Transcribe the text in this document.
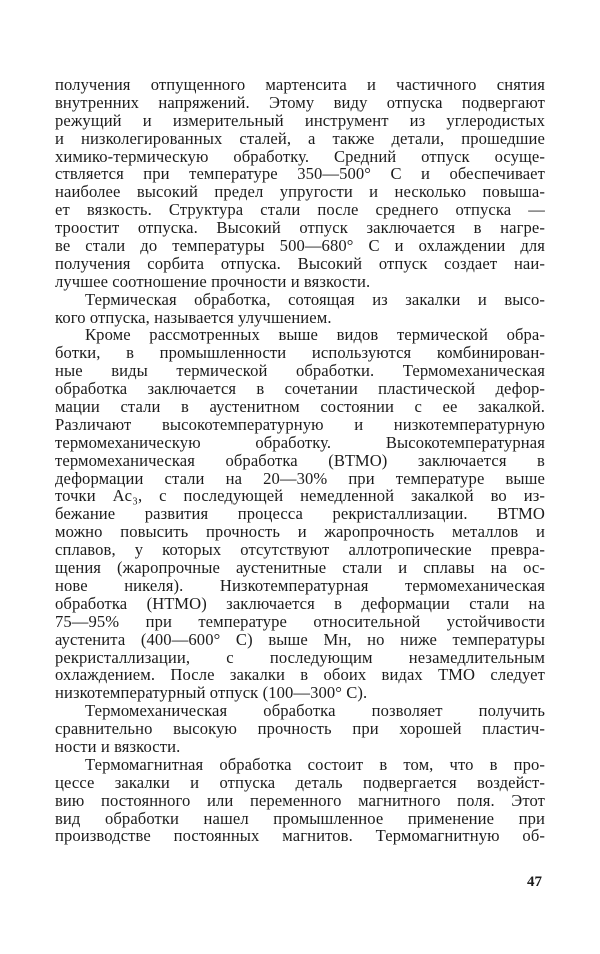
получения отпущенного мартенсита и частичного снятия
внутренних напряжений. Этому виду отпуска подвергают
режущий и измерительный инструмент из углеродистых
и низколегированных сталей, а также детали, прошедшие
химико-термическую обработку. Средний отпуск осуще-
ствляется при температуре 350—500° С и обеспечивает
наиболее высокий предел упругости и несколько повыша-
ет вязкость. Структура стали после среднего отпуска —
троостит отпуска. Высокий отпуск заключается в нагре-
ве стали до температуры 500—680° С и охлаждении для
получения сорбита отпуска. Высокий отпуск создает наи-
лучшее соотношение прочности и вязкости.
Термическая обработка, сотоящая из закалки и высо-
кого отпуска, называется улучшением.
Кроме рассмотренных выше видов термической обра-
ботки, в промышленности используются комбинирован-
ные виды термической обработки. Термомеханическая
обработка заключается в сочетании пластической дефор-
мации стали в аустенитном состоянии с ее закалкой.
Различают высокотемпературную и низкотемпературную
термомеханическую обработку. Высокотемпературная
термомеханическая обработка (ВТМО) заключается в
деформации стали на 20—30% при температуре выше
точки Ac₃, с последующей немедленной закалкой во из-
бежание развития процесса рекристаллизации. ВТМО
можно повысить прочность и жаропрочность металлов и
сплавов, у которых отсутствуют аллотропические превра-
щения (жаропрочные аустенитные стали и сплавы на ос-
нове никеля). Низкотемпературная термомеханическая
обработка (НТМО) заключается в деформации стали на
75—95% при температуре относительной устойчивости
аустенита (400—600° С) выше Mн, но ниже температуры
рекристаллизации, с последующим незамедлительным
охлаждением. После закалки в обоих видах ТМО следует
низкотемпературный отпуск (100—300° С).
Термомеханическая обработка позволяет получить
сравнительно высокую прочность при хорошей пластич-
ности и вязкости.
Термомагнитная обработка состоит в том, что в про-
цессе закалки и отпуска деталь подвергается воздейст-
вию постоянного или переменного магнитного поля. Этот
вид обработки нашел промышленное применение при
производстве постоянных магнитов. Термомагнитную об-
47
